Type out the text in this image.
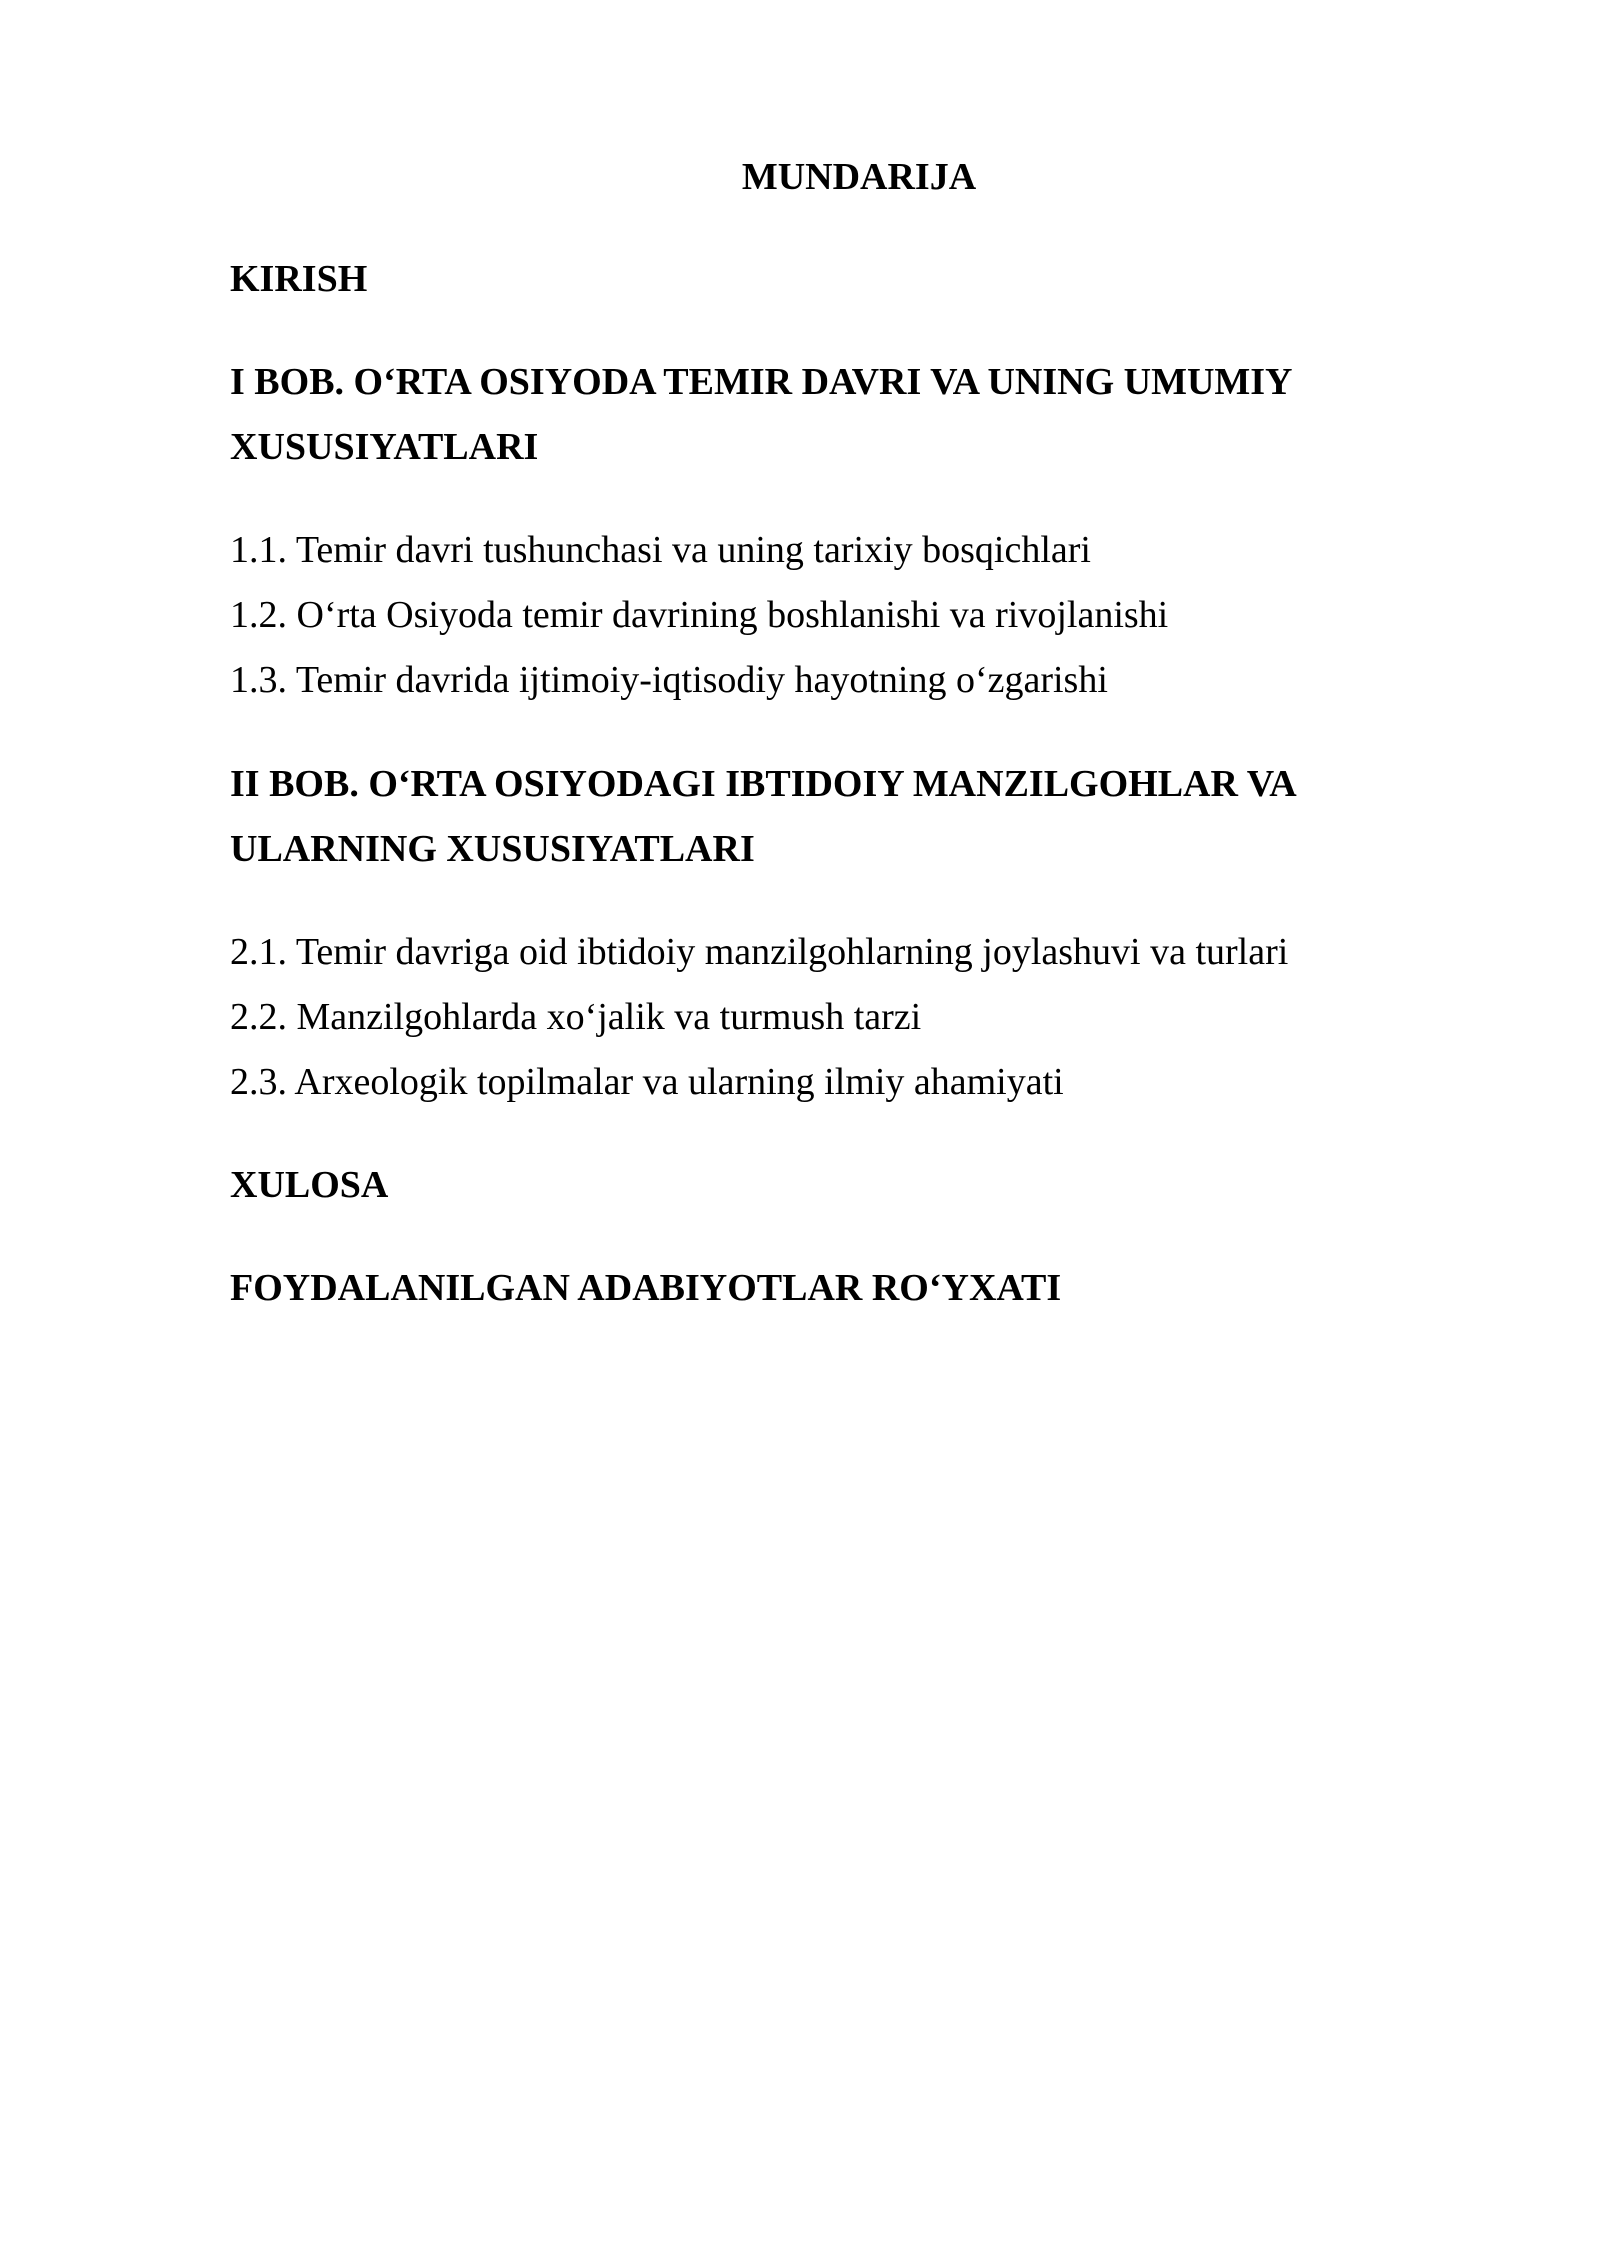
MUNDARIJA
KIRISH
I BOB. O‘RTA OSIYODA TEMIR DAVRI VA UNING UMUMIY
XUSUSIYATLARI
1.1. Temir davri tushunchasi va uning tarixiy bosqichlari
1.2. O‘rta Osiyoda temir davrining boshlanishi va rivojlanishi
1.3. Temir davrida ijtimoiy-iqtisodiy hayotning o‘zgarishi
II BOB. O‘RTA OSIYODAGI IBTIDOIY MANZILGOHLAR VA
ULARNING XUSUSIYATLARI
2.1. Temir davriga oid ibtidoiy manzilgohlarning joylashuvi va turlari
2.2. Manzilgohlarda xo‘jalik va turmush tarzi
2.3. Arxeologik topilmalar va ularning ilmiy ahamiyati
XULOSA
FOYDALANILGAN ADABIYOTLAR RO‘YXATI
